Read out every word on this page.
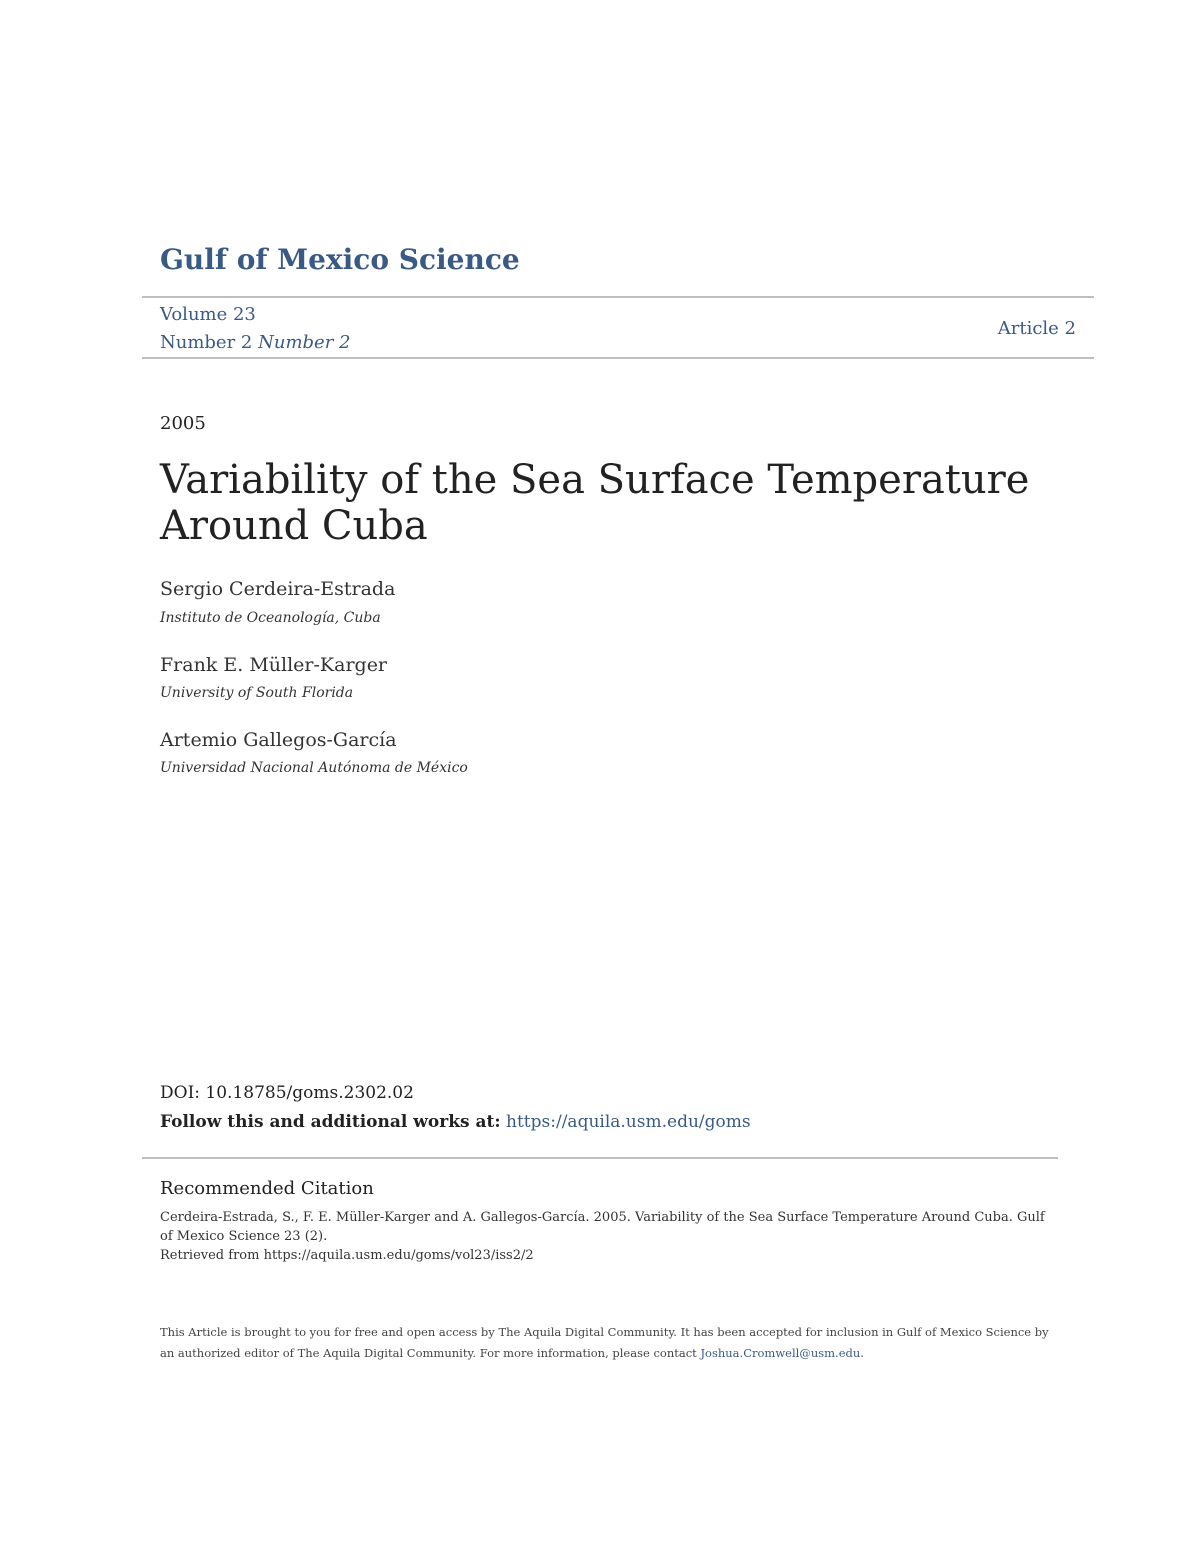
Gulf of Mexico Science
Volume 23
Number 2 Number 2
Article 2
2005
Variability of the Sea Surface Temperature Around Cuba
Sergio Cerdeira-Estrada
Instituto de Oceanología, Cuba
Frank E. Müller-Karger
University of South Florida
Artemio Gallegos-García
Universidad Nacional Autónoma de México
DOI: 10.18785/goms.2302.02
Follow this and additional works at: https://aquila.usm.edu/goms
Recommended Citation
Cerdeira-Estrada, S., F. E. Müller-Karger and A. Gallegos-García. 2005. Variability of the Sea Surface Temperature Around Cuba. Gulf of Mexico Science 23 (2).
Retrieved from https://aquila.usm.edu/goms/vol23/iss2/2
This Article is brought to you for free and open access by The Aquila Digital Community. It has been accepted for inclusion in Gulf of Mexico Science by an authorized editor of The Aquila Digital Community. For more information, please contact Joshua.Cromwell@usm.edu.
